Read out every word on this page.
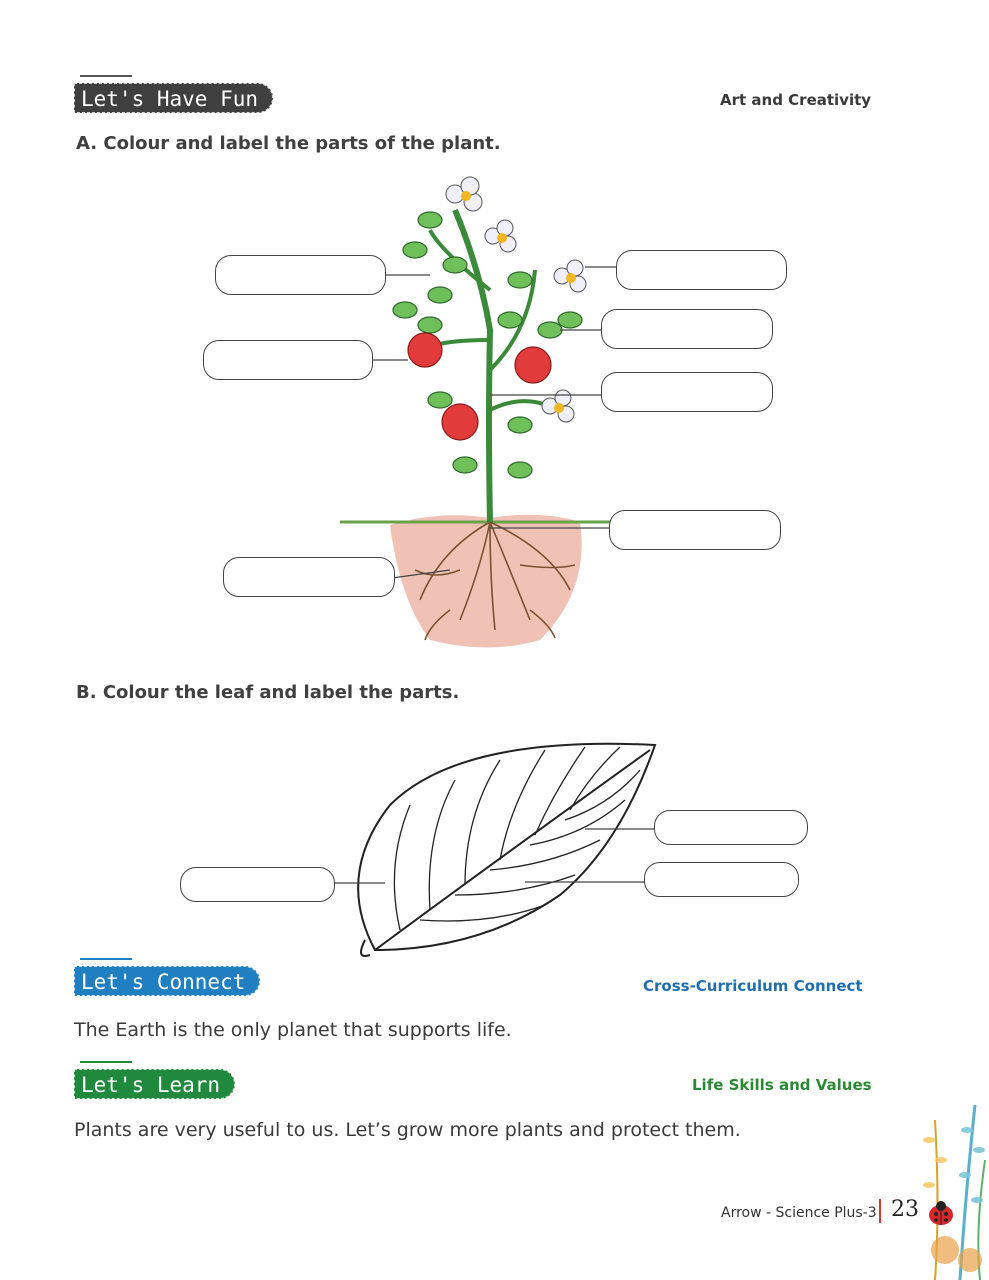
Let's Have Fun	Art and Creativity
A. Colour and label the parts of the plant.
B. Colour the leaf and label the parts.
Let's Connect	Cross-Curriculum Connect
The Earth is the only planet that supports life.
Let's Learn	Life Skills and Values
Plants are very useful to us. Let’s grow more plants and protect them.
Arrow - Science Plus-3 23
